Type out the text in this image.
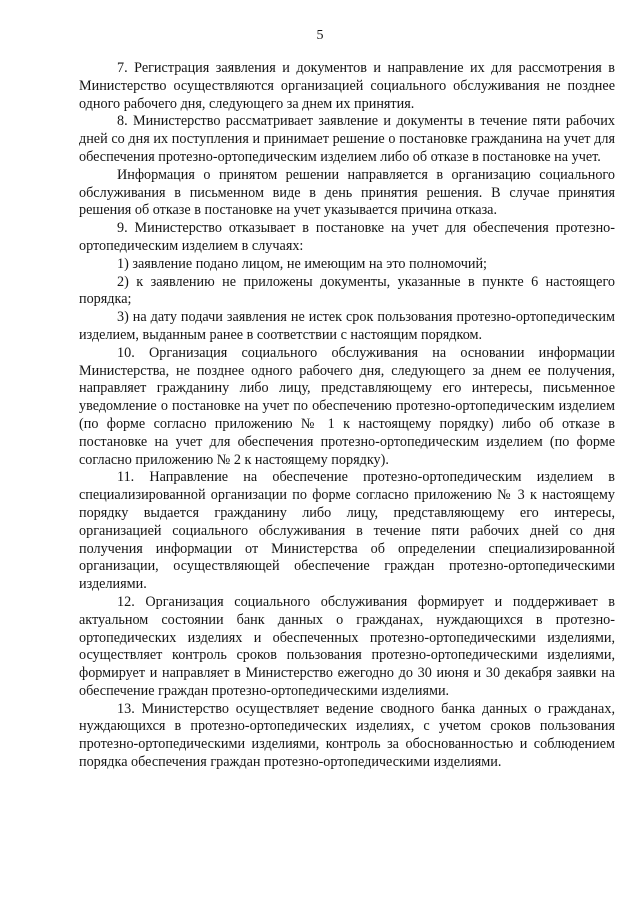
5

7. Регистрация заявления и документов и направление их для рассмотрения в Министерство осуществляются организацией социального обслуживания не позднее одного рабочего дня, следующего за днем их принятия.

8. Министерство рассматривает заявление и документы в течение пяти рабочих дней со дня их поступления и принимает решение о постановке гражданина на учет для обеспечения протезно-ортопедическим изделием либо об отказе в постановке на учет.

Информация о принятом решении направляется в организацию социального обслуживания в письменном виде в день принятия решения. В случае принятия решения об отказе в постановке на учет указывается причина отказа.

9. Министерство отказывает в постановке на учет для обеспечения протезно-ортопедическим изделием в случаях:

1) заявление подано лицом, не имеющим на это полномочий;

2) к заявлению не приложены документы, указанные в пункте 6 настоящего порядка;

3) на дату подачи заявления не истек срок пользования протезно-ортопедическим изделием, выданным ранее в соответствии с настоящим порядком.

10. Организация социального обслуживания на основании информации Министерства, не позднее одного рабочего дня, следующего за днем ее получения, направляет гражданину либо лицу, представляющему его интересы, письменное уведомление о постановке на учет по обеспечению протезно-ортопедическим изделием (по форме согласно приложению № 1 к настоящему порядку) либо об отказе в постановке на учет для обеспечения протезно-ортопедическим изделием (по форме согласно приложению № 2 к настоящему порядку).

11. Направление на обеспечение протезно-ортопедическим изделием в специализированной организации по форме согласно приложению № 3 к настоящему порядку выдается гражданину либо лицу, представляющему его интересы, организацией социального обслуживания в течение пяти рабочих дней со дня получения информации от Министерства об определении специализированной организации, осуществляющей обеспечение граждан протезно-ортопедическими изделиями.

12. Организация социального обслуживания формирует и поддерживает в актуальном состоянии банк данных о гражданах, нуждающихся в протезно-ортопедических изделиях и обеспеченных протезно-ортопедическими изделиями, осуществляет контроль сроков пользования протезно-ортопедическими изделиями, формирует и направляет в Министерство ежегодно до 30 июня и 30 декабря заявки на обеспечение граждан протезно-ортопедическими изделиями.

13. Министерство осуществляет ведение сводного банка данных о гражданах, нуждающихся в протезно-ортопедических изделиях, с учетом сроков пользования протезно-ортопедическими изделиями, контроль за обоснованностью и соблюдением порядка обеспечения граждан протезно-ортопедическими изделиями.
